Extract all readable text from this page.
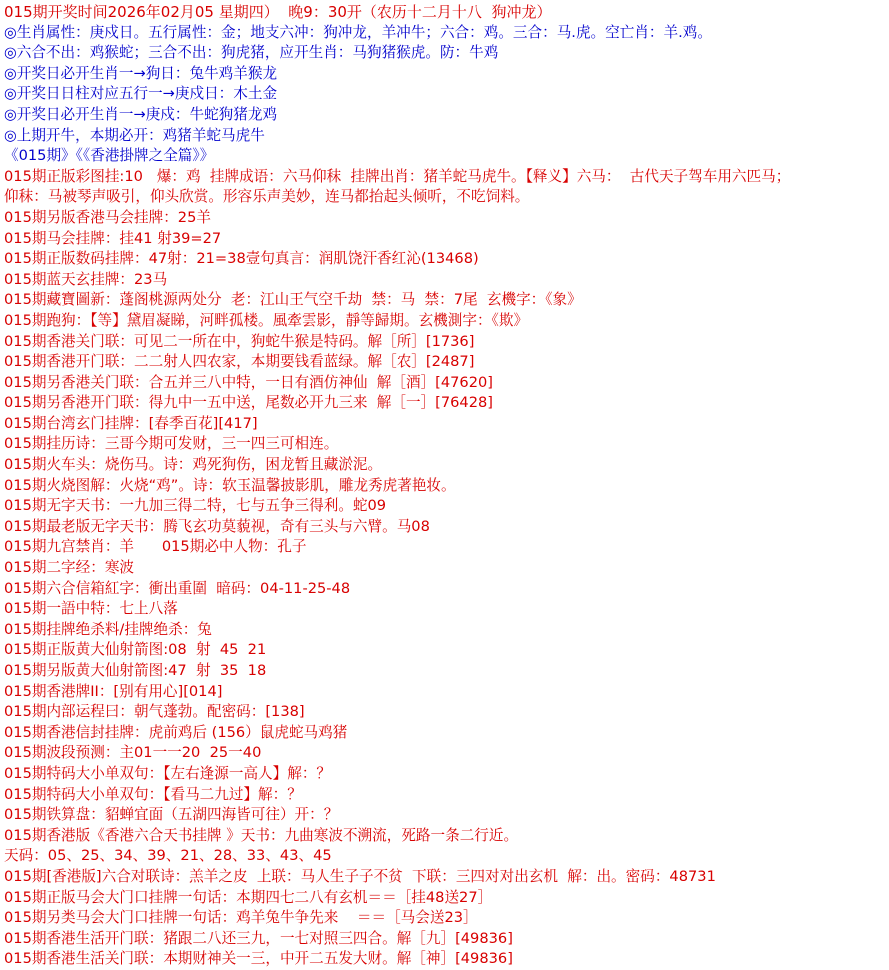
015期开奖时间2026年02月05 星期四）  晚9：30开（农历十二月十八  狗冲龙）
◎生肖属性：庚戍日。五行属性：金；地支六冲：狗冲龙，羊冲牛；六合：鸡。三合：马.虎。空亡肖：羊.鸡。
◎六合不出：鸡猴蛇；三合不出：狗虎猪，应开生肖：马狗猪猴虎。防：牛鸡
◎开奖日必开生肖一→狗日：兔牛鸡羊猴龙
◎开奖日日柱对应五行一→庚戍日：木土金
◎开奖日必开生肖一→庚戍：牛蛇狗猪龙鸡
◎上期开牛，本期必开：鸡猪羊蛇马虎牛
《015期》《《香港掛牌之全篇》》
015期正版彩图挂:10   爆：鸡  挂牌成语：六马仰秣  挂牌出肖：猪羊蛇马虎牛。【释义】六马：  古代天子驾车用六匹马；
仰秣：马被琴声吸引，仰头欣赏。形容乐声美妙，连马都抬起头倾听，不吃饲料。
015期另版香港马会挂牌：25羊
015期马会挂牌：挂41 射39=27
015期正版数码挂牌：47射：21=38壹句真言：润肌饶汗香红沁(13468)
015期蓝天玄挂牌：23马
015期藏寶圖新：蓬阁桃源两处分  老：江山王气空千劫  禁：马  禁：7尾  玄機字：《象》
015期跑狗：【等】黛眉凝睇，河畔孤楼。風牽雲影，靜等歸期。玄機測字：《欺》
015期香港关门联：可见二一所在中，狗蛇牛猴是特码。解［所］[1736]
015期香港开门联：二二射人四农家，本期要钱看蓝绿。解［农］[2487]
015期另香港关门联：合五并三八中特，一日有酒仿神仙  解［酒］[47620]
015期另香港开门联：得九中一五中送，尾数必开九三来  解［一］[76428]
015期台湾玄门挂牌：[春季百花][417]
015期挂历诗：三哥今期可发财，三一四三可相连。
015期火车头：烧伤马。诗：鸡死狗伤，困龙暂且藏淤泥。
015期火烧图解：火烧“鸡”。诗：软玉温馨披影肌，雕龙秀虎著艳妆。
015期无字天书：一九加三得二特，七与五争三得利。蛇09
015期最老版无字天书：腾飞玄功莫藐视，奇有三头与六臂。马08
015期九宫禁肖：羊      015期必中人物：孔子
015期二字经：寒波
015期六合信箱紅字：衝出重圍  暗码：04-11-25-48
015期一語中特：七上八落
015期挂牌绝杀料/挂牌绝杀：兔
015期正版黄大仙射箭图:08  射  45  21
015期另版黄大仙射箭图:47  射  35  18
015期香港牌II：[别有用心][014]
015期内部运程曰：朝气蓬勃。配密码：[138]
015期香港信封挂牌：虎前鸡后 (156）鼠虎蛇马鸡猪
015期波段预测：主01一一20  25一40
015期特码大小单双句：【左右逢源一高人】解：？
015期特码大小单双句：【看马二九过】解：？
015期铁算盘：貂蝉宜面（五湖四海皆可往）开：？
015期香港版《香港六合天书挂牌 》天书：九曲寒波不溯流，死路一条二行近。
天码：05、25、34、39、21、28、33、43、45
015期[香港版]六合对联诗：羔羊之皮  上联：马人生子子不贫  下联：三四对对出玄机  解：出。密码：48731
015期正版马会大门口挂牌一句话：本期四七二八有玄机＝＝［挂48送27］
015期另类马会大门口挂牌一句话：鸡羊兔牛争先来    ＝＝［马会送23］
015期香港生活开门联：猪跟二八还三九，一七对照三四合。解［九］[49836]
015期香港生活关门联：本期财神关一三，中开二五发大财。解［神］[49836]
